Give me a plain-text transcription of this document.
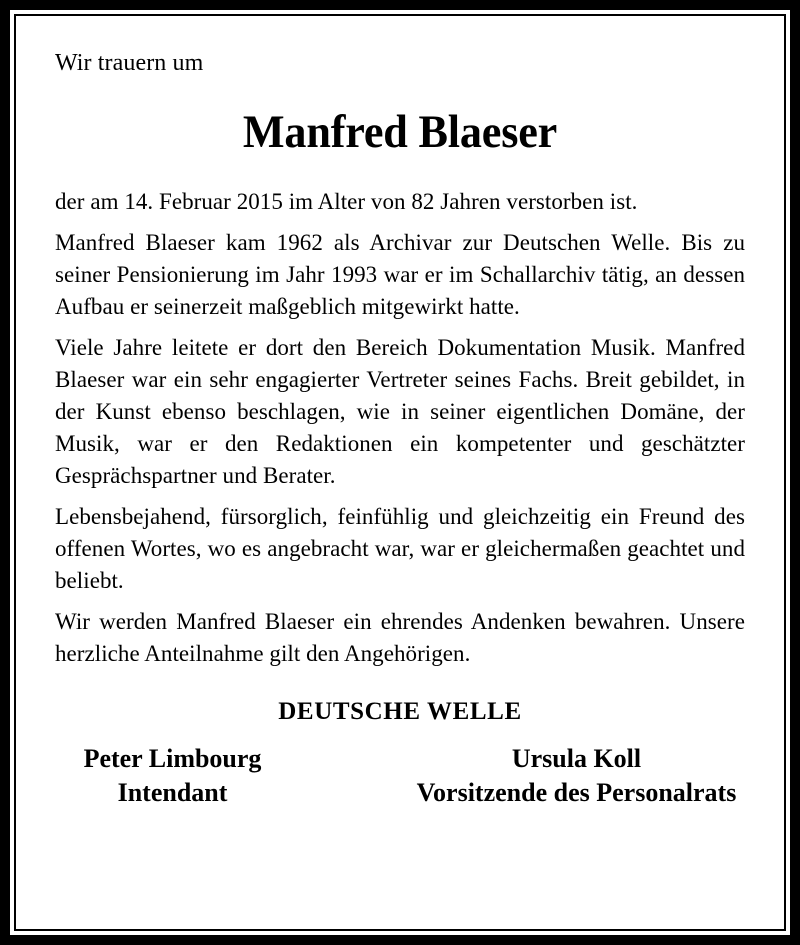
Wir trauern um

Manfred Blaeser

der am 14. Februar 2015 im Alter von 82 Jahren verstorben ist.

Manfred Blaeser kam 1962 als Archivar zur Deutschen Welle. Bis zu seiner Pensionierung im Jahr 1993 war er im Schallarchiv tätig, an dessen Aufbau er seinerzeit maßgeblich mitgewirkt hatte.

Viele Jahre leitete er dort den Bereich Dokumentation Musik. Manfred Blaeser war ein sehr engagierter Vertreter seines Fachs. Breit gebildet, in der Kunst ebenso beschlagen, wie in seiner eigentlichen Domäne, der Musik, war er den Redaktionen ein kompetenter und geschätzter Gesprächspartner und Berater.

Lebensbejahend, fürsorglich, feinfühlig und gleichzeitig ein Freund des offenen Wortes, wo es angebracht war, war er gleichermaßen geachtet und beliebt.

Wir werden Manfred Blaeser ein ehrendes Andenken bewahren. Unsere herzliche Anteilnahme gilt den Angehörigen.

DEUTSCHE WELLE

Peter Limbourg

Intendant

Ursula Koll

Vorsitzende des Personalrats
